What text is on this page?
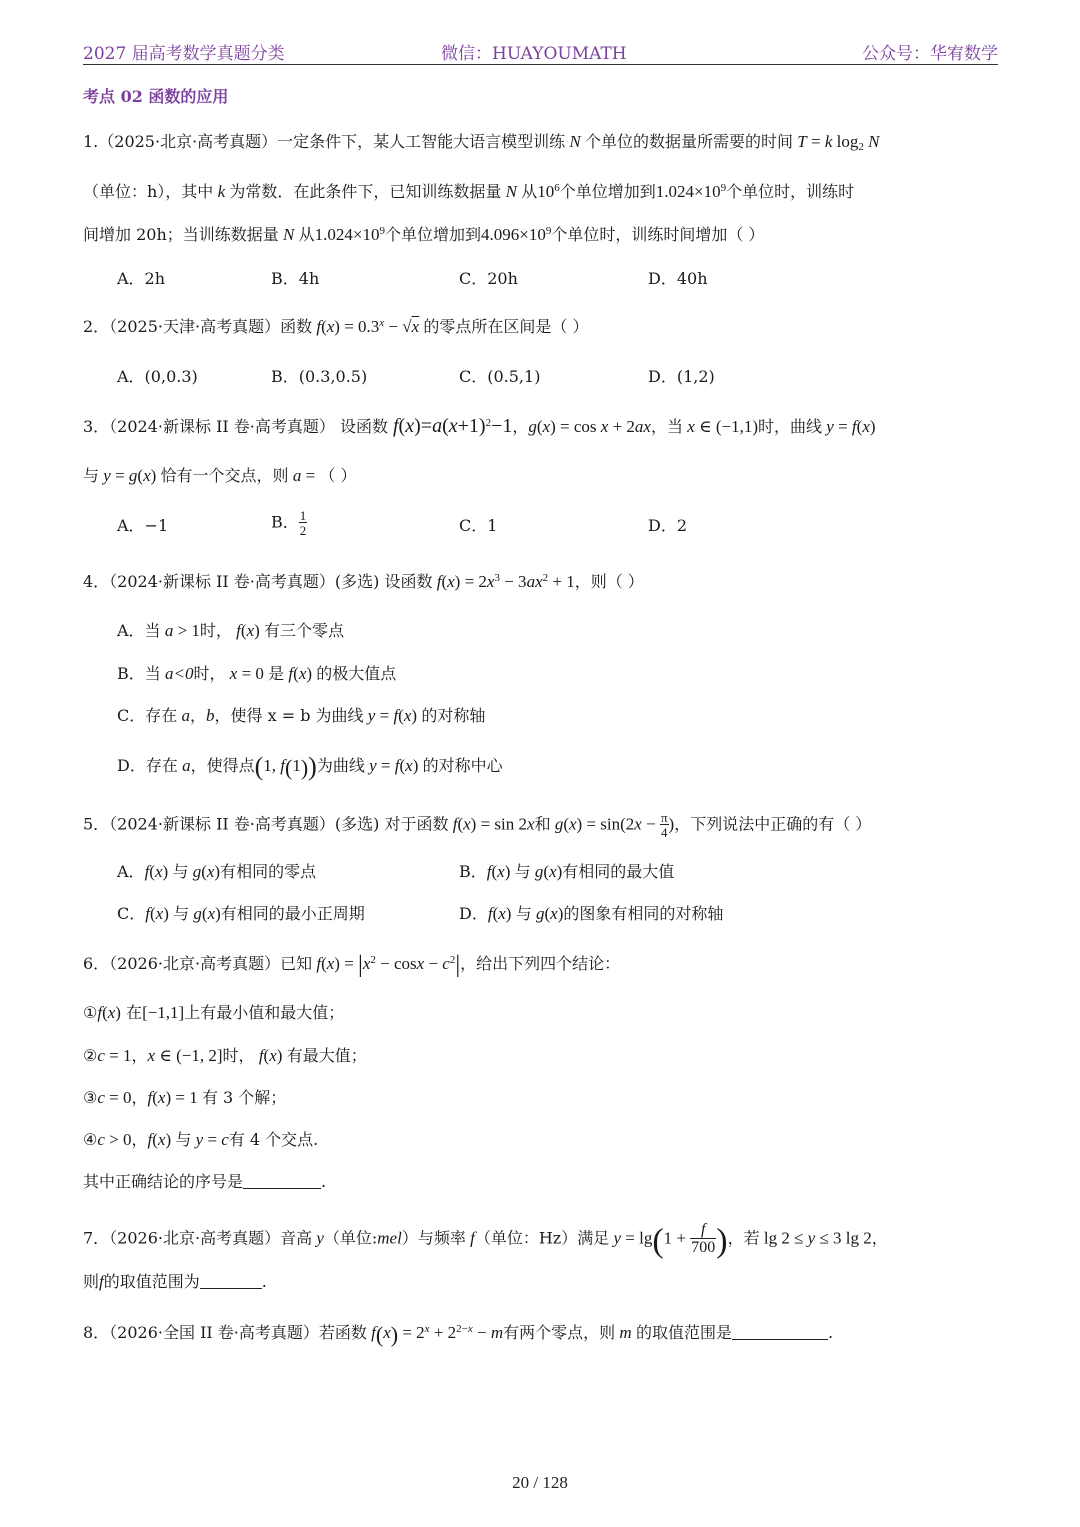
2027 届高考数学真题分类	微信：HUAYOUMATH	公众号：华宥数学
考点 02 函数的应用
1.（2025·北京·高考真题）一定条件下，某人工智能大语言模型训练 N 个单位的数据量所需要的时间 T = k $\log_2 N$
（单位：h），其中 k 为常数．在此条件下，已知训练数据量 N 从$10^6$个单位增加到$1.024\times 10^9$个单位时，训练时
间增加 20h；当训练数据量 N 从$1.024\times 10^9$个单位增加到$4.096\times 10^9$个单位时，训练时间增加（ ）
A．2h	B．4h	C．20h	D．40h
2．（2025·天津·高考真题）函数 $f(x) = 0.3^x - √x$ 的零点所在区间是（ ）
A．(0,0.3)	B．(0.3,0.5)	C．(0.5,1)	D．(1,2)
3．（2024·新课标 II 卷·高考真题） 设函数 $f(x)=a(x+1)^2-1$，g(x) = cos x + 2ax，当 x ∈ (−1,1)时，曲线 y = f(x)
与 y = g(x) 恰有一个交点，则 a = （ ）
A．−1	B． $\frac{1}{2}$	C．1	D．2
4．（2024·新课标 II 卷·高考真题）(多选) 设函数 $f(x) = 2x^3 - 3ax^2 + 1$，则（ ）
A．当 a > 1时， f(x) 有三个零点
B．当 a<0时， x = 0 是 f(x) 的极大值点
C．存在 a，b，使得 x = b 为曲线 y = f(x) 的对称轴
D．存在 a，使得点(1, f(1))为曲线 y = f(x) 的对称中心
5．（2024·新课标 II 卷·高考真题）(多选) 对于函数 f(x) = sin 2x和 $g(x) = \sin(2x - \frac{\pi}{4}$ )，下列说法中正确的有（ ）
A．f(x) 与 g(x)有相同的零点	B．f(x) 与 g(x)有相同的最大值
C．f(x) 与 g(x)有相同的最小正周期	D．f(x) 与 g(x)的图象有相同的对称轴
6．（2026·北京·高考真题）已知 $f(x) = |x^2 - \cos x - c^2|$，给出下列四个结论：
①f(x) 在[−1,1]上有最小值和最大值；
②c = 1，x ∈ (−1, 2]时， f(x) 有最大值；
③c = 0，f(x) = 1 有 3 个解；
④c > 0，f(x) 与 y = c有 4 个交点.
其中正确结论的序号是	.
7．（2026·北京·高考真题）音高 y（单位:mel）与频率 f（单位：Hz）满足 $y = \lg(1 + \frac{f}{700}$ )，若 lg 2 ≤ y ≤ 3 lg 2，
则f的取值范围为	.
8．（2026·全国 II 卷·高考真题）若函数 $f(x) = 2^x + 2^{2-x} - m$有两个零点，则 m 的取值范围是	.
20 / 128
